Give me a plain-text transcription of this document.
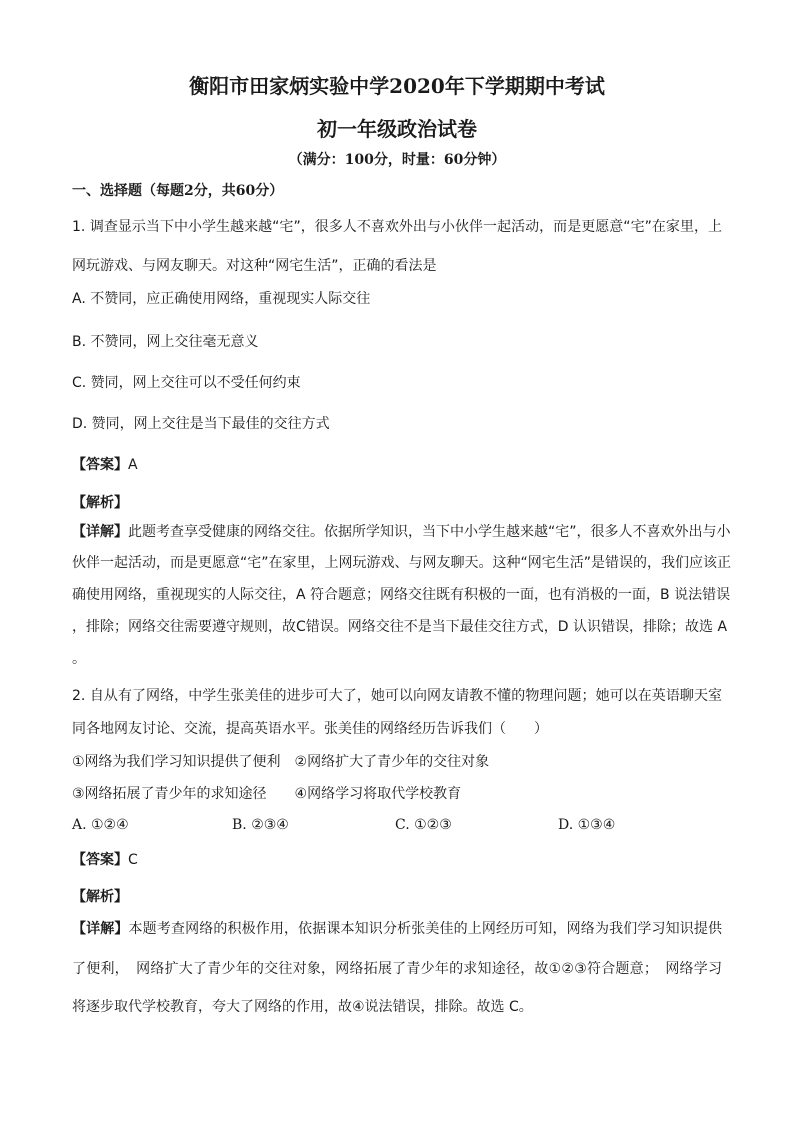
衡阳市田家炳实验中学2020年下学期期中考试
初一年级政治试卷
（满分：100分，时量：60分钟）
一、选择题（每题2分，共60分）
1. 调查显示当下中小学生越来越“宅”，很多人不喜欢外出与小伙伴一起活动，而是更愿意“宅”在家里，上
网玩游戏、与网友聊天。对这种“网宅生活”，正确的看法是
A. 不赞同，应正确使用网络，重视现实人际交往
B. 不赞同，网上交往毫无意义
C. 赞同，网上交往可以不受任何约束
D. 赞同，网上交往是当下最佳的交往方式
【答案】A
【解析】
【详解】此题考查享受健康的网络交往。依据所学知识，当下中小学生越来越“宅”，很多人不喜欢外出与小
伙伴一起活动，而是更愿意“宅”在家里，上网玩游戏、与网友聊天。这种“网宅生活”是错误的，我们应该正
确使用网络，重视现实的人际交往，A 符合题意；网络交往既有积极的一面，也有消极的一面，B 说法错误
，排除；网络交往需要遵守规则，故C错误。网络交往不是当下最佳交往方式，D 认识错误，排除；故选 A
。
2. 自从有了网络，中学生张美佳的进步可大了，她可以向网友请教不懂的物理问题；她可以在英语聊天室
同各地网友讨论、交流，提高英语水平。张美佳的网络经历告诉我们（　　）
①网络为我们学习知识提供了便利　②网络扩大了青少年的交往对象
③网络拓展了青少年的求知途径　　④网络学习将取代学校教育
A. ①②④	B. ②③④	C. ①②③	D. ①③④
【答案】C
【解析】
【详解】本题考查网络的积极作用，依据课本知识分析张美佳的上网经历可知，网络为我们学习知识提供
了便利，　网络扩大了青少年的交往对象，网络拓展了青少年的求知途径，故①②③符合题意；　网络学习
将逐步取代学校教育，夸大了网络的作用，故④说法错误，排除。故选 C。
